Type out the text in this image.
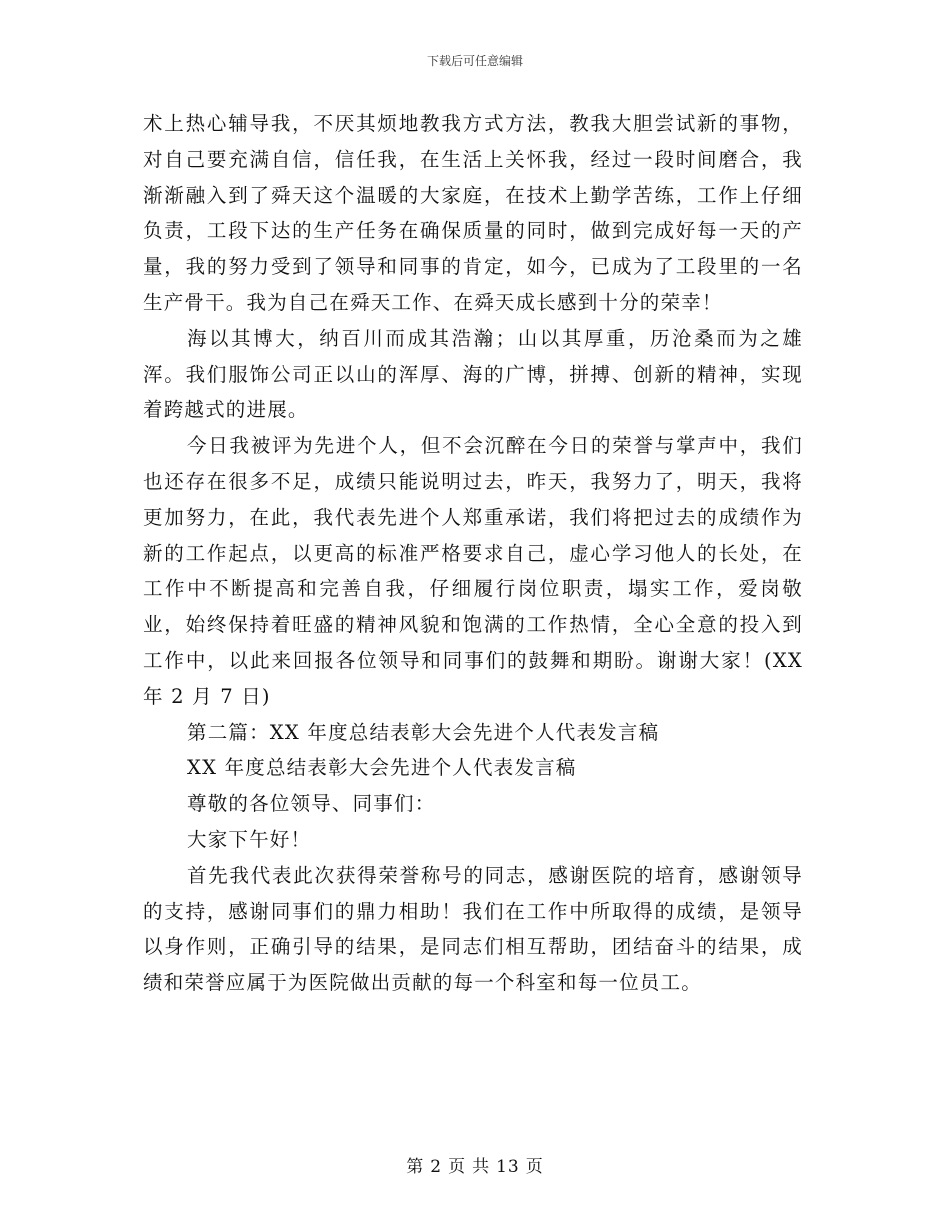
下载后可任意编辑

术上热心辅导我，不厌其烦地教我方式方法，教我大胆尝试新的事物，对自己要充满自信，信任我，在生活上关怀我，经过一段时间磨合，我渐渐融入到了舜天这个温暖的大家庭，在技术上勤学苦练，工作上仔细负责，工段下达的生产任务在确保质量的同时，做到完成好每一天的产量，我的努力受到了领导和同事的肯定，如今，已成为了工段里的一名生产骨干。我为自己在舜天工作、在舜天成长感到十分的荣幸！

海以其博大，纳百川而成其浩瀚；山以其厚重，历沧桑而为之雄浑。我们服饰公司正以山的浑厚、海的广博，拼搏、创新的精神，实现着跨越式的进展。

今日我被评为先进个人，但不会沉醉在今日的荣誉与掌声中，我们也还存在很多不足，成绩只能说明过去，昨天，我努力了，明天，我将更加努力，在此，我代表先进个人郑重承诺，我们将把过去的成绩作为新的工作起点，以更高的标准严格要求自己，虚心学习他人的长处，在工作中不断提高和完善自我，仔细履行岗位职责，塌实工作，爱岗敬业，始终保持着旺盛的精神风貌和饱满的工作热情，全心全意的投入到工作中，以此来回报各位领导和同事们的鼓舞和期盼。谢谢大家！(XX 年 2 月 7 日)

第二篇：XX 年度总结表彰大会先进个人代表发言稿

XX 年度总结表彰大会先进个人代表发言稿

尊敬的各位领导、同事们：

大家下午好！

首先我代表此次获得荣誉称号的同志，感谢医院的培育，感谢领导的支持，感谢同事们的鼎力相助！我们在工作中所取得的成绩，是领导以身作则，正确引导的结果，是同志们相互帮助，团结奋斗的结果，成绩和荣誉应属于为医院做出贡献的每一个科室和每一位员工。

第 2 页 共 13 页
